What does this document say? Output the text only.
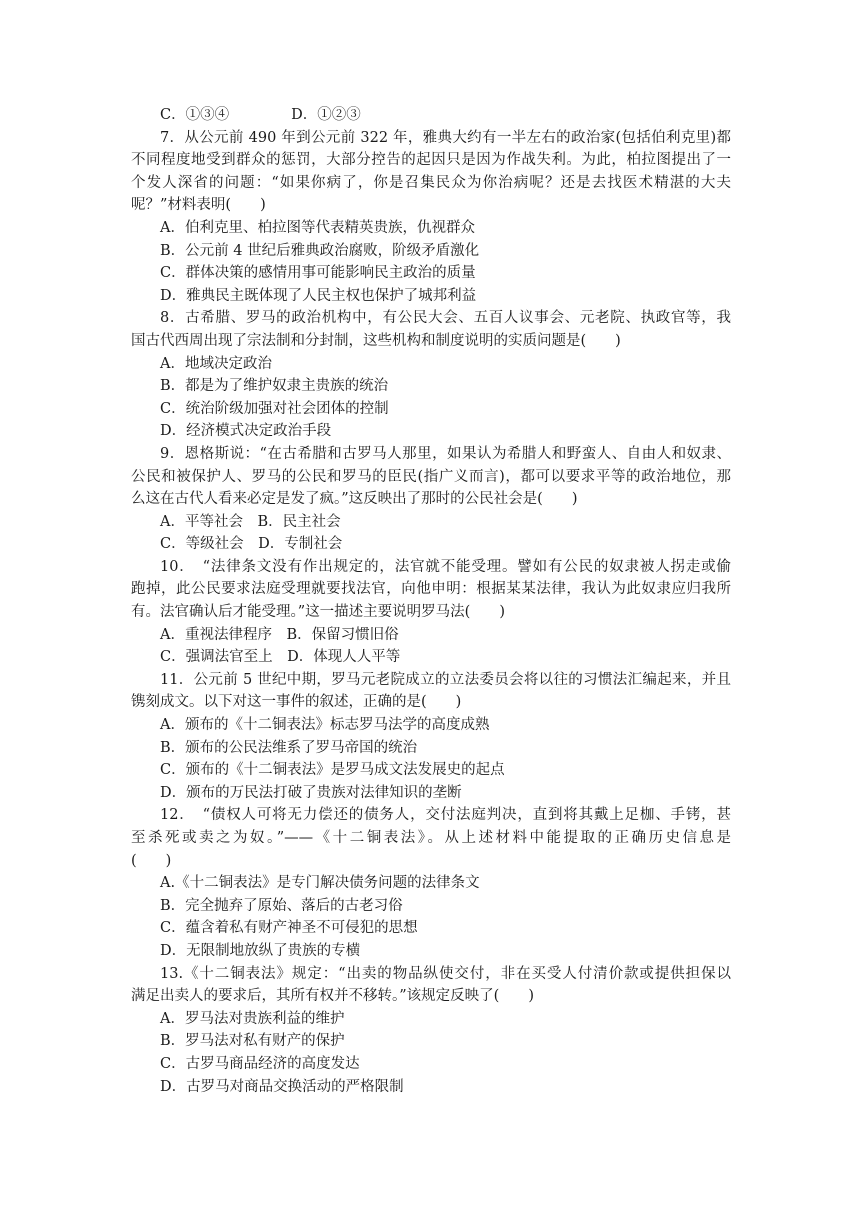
C．①③④	D．①②③
7．从公元前 490 年到公元前 322 年，雅典大约有一半左右的政治家(包括伯利克里)都
不同程度地受到群众的惩罚，大部分控告的起因只是因为作战失利。为此，柏拉图提出了一
个发人深省的问题：“如果你病了，你是召集民众为你治病呢？还是去找医术精湛的大夫
呢？”材料表明(　　)
A．伯利克里、柏拉图等代表精英贵族，仇视群众
B．公元前 4 世纪后雅典政治腐败，阶级矛盾激化
C．群体决策的感情用事可能影响民主政治的质量
D．雅典民主既体现了人民主权也保护了城邦利益
8．古希腊、罗马的政治机构中，有公民大会、五百人议事会、元老院、执政官等，我
国古代西周出现了宗法制和分封制，这些机构和制度说明的实质问题是(　　)
A．地域决定政治
B．都是为了维护奴隶主贵族的统治
C．统治阶级加强对社会团体的控制
D．经济模式决定政治手段
9．恩格斯说：“在古希腊和古罗马人那里，如果认为希腊人和野蛮人、自由人和奴隶、
公民和被保护人、罗马的公民和罗马的臣民(指广义而言)，都可以要求平等的政治地位，那
么这在古代人看来必定是发了疯。”这反映出了那时的公民社会是(　　)
A．平等社会　B．民主社会
C．等级社会　D．专制社会
10．　“法律条文没有作出规定的，法官就不能受理。譬如有公民的奴隶被人拐走或偷
跑掉，此公民要求法庭受理就要找法官，向他申明：根据某某法律，我认为此奴隶应归我所
有。法官确认后才能受理。”这一描述主要说明罗马法(　　)
A．重视法律程序　B．保留习惯旧俗
C．强调法官至上　D．体现人人平等
11．公元前 5 世纪中期，罗马元老院成立的立法委员会将以往的习惯法汇编起来，并且
镌刻成文。以下对这一事件的叙述，正确的是(　　)
A．颁布的《十二铜表法》标志罗马法学的高度成熟
B．颁布的公民法维系了罗马帝国的统治
C．颁布的《十二铜表法》是罗马成文法发展史的起点
D．颁布的万民法打破了贵族对法律知识的垄断
12．　“债权人可将无力偿还的债务人，交付法庭判决，直到将其戴上足枷、手铐，甚
至杀死或卖之为奴。”——《十二铜表法》。从上述材料中能提取的正确历史信息是
(　　)
A.《十二铜表法》是专门解决债务问题的法律条文
B．完全抛弃了原始、落后的古老习俗
C．蕴含着私有财产神圣不可侵犯的思想
D．无限制地放纵了贵族的专横
13.《十二铜表法》规定：“出卖的物品纵使交付，非在买受人付清价款或提供担保以
满足出卖人的要求后，其所有权并不移转。”该规定反映了(　　)
A．罗马法对贵族利益的维护
B．罗马法对私有财产的保护
C．古罗马商品经济的高度发达
D．古罗马对商品交换活动的严格限制
